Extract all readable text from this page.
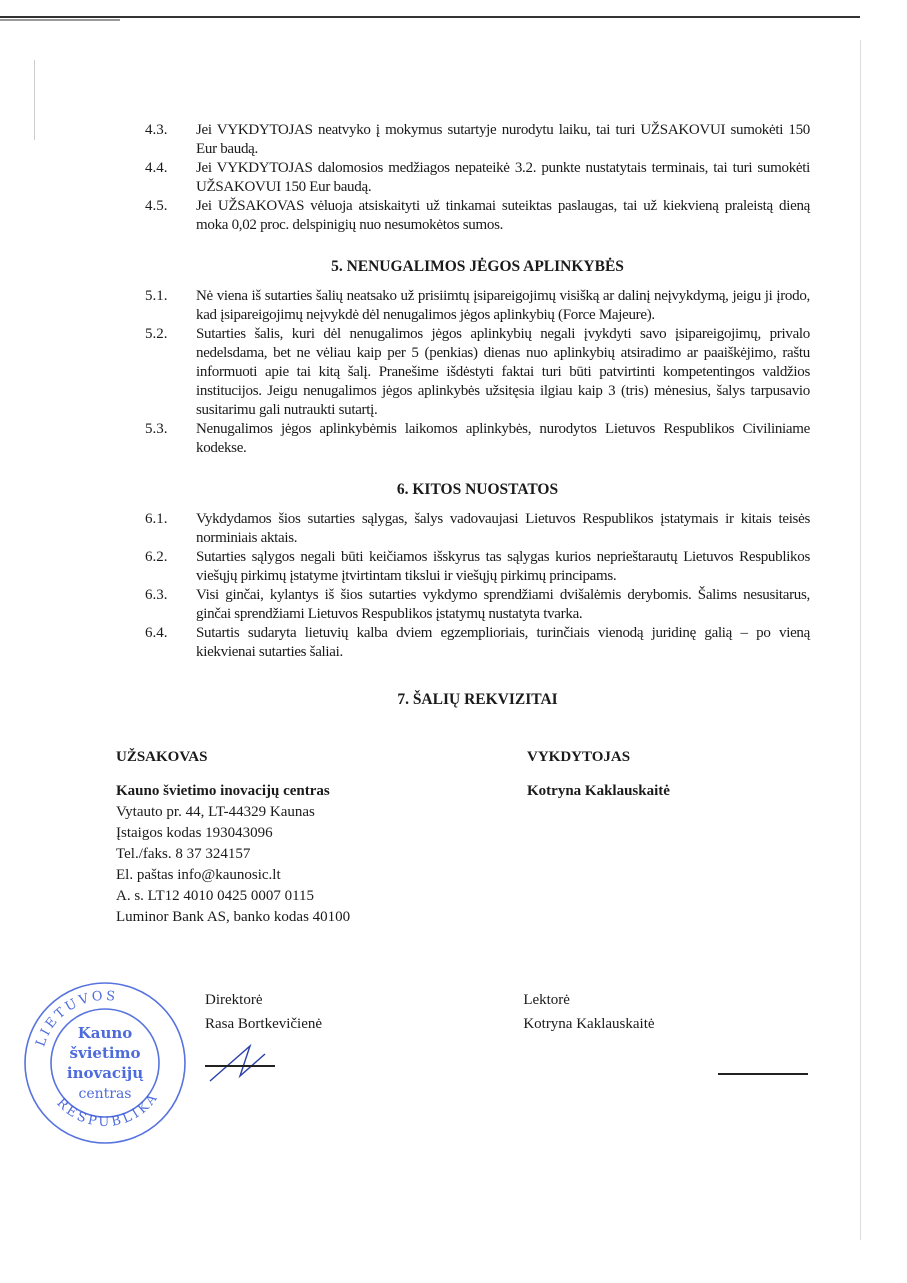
4.3. Jei VYKDYTOJAS neatvyko į mokymus sutartyje nurodytu laiku, tai turi UŽSAKOVUI sumokėti 150 Eur baudą.
4.4. Jei VYKDYTOJAS dalomosios medžiagos nepateikė 3.2. punkte nustatytais terminais, tai turi sumokėti UŽSAKOVUI 150 Eur baudą.
4.5. Jei UŽSAKOVAS vėluoja atsiskaityti už tinkamai suteiktas paslaugas, tai už kiekvieną praleistą dieną moka 0,02 proc. delspinigių nuo nesumokėtos sumos.
5. NENUGALIMOS JĖGOS APLINKYBĖS
5.1. Nė viena iš sutarties šalių neatsako už prisiimtų įsipareigojimų visišką ar dalinį neįvykdymą, jeigu ji įrodo, kad įsipareigojimų neįvykdė dėl nenugalimos jėgos aplinkybių (Force Majeure).
5.2. Sutarties šalis, kuri dėl nenugalimos jėgos aplinkybių negali įvykdyti savo įsipareigojimų, privalo nedelsdama, bet ne vėliau kaip per 5 (penkias) dienas nuo aplinkybių atsiradimo ar paaiškėjimo, raštu informuoti apie tai kitą šalį. Pranešime išdėstyti faktai turi būti patvirtinti kompetentingos valdžios institucijos. Jeigu nenugalimos jėgos aplinkybės užsitęsia ilgiau kaip 3 (tris) mėnesius, šalys tarpusavio susitarimu gali nutraukti sutartį.
5.3. Nenugalimos jėgos aplinkybėmis laikomos aplinkybės, nurodytos Lietuvos Respublikos Civiliniame kodekse.
6. KITOS NUOSTATOS
6.1. Vykdydamos šios sutarties sąlygas, šalys vadovaujasi Lietuvos Respublikos įstatymais ir kitais teisės norminiais aktais.
6.2. Sutarties sąlygos negali būti keičiamos išskyrus tas sąlygas kurios neprieštarautų Lietuvos Respublikos viešųjų pirkimų įstatyme įtvirtintam tikslui ir viešųjų pirkimų principams.
6.3. Visi ginčai, kylantys iš šios sutarties vykdymo sprendžiami dvišalėmis derybomis. Šalims nesusitarus, ginčai sprendžiami Lietuvos Respublikos įstatymų nustatyta tvarka.
6.4. Sutartis sudaryta lietuvių kalba dviem egzemplioriais, turinčiais vienodą juridinę galią – po vieną kiekvienai sutarties šaliai.
7. ŠALIŲ REKVIZITAI
UŽSAKOVAS
Kauno švietimo inovacijų centras
Vytauto pr. 44, LT-44329 Kaunas
Įstaigos kodas 193043096
Tel./faks. 8 37 324157
El. paštas info@kaunosic.lt
A. s. LT12 4010 0425 0007 0115
Luminor Bank AS, banko kodas 40100
VYKDYTOJAS
Kotryna Kaklauskaitė
LIETUVOS
RESPUBLIKA
Kauno
švietimo
inovacijų
centras
Direktorė
Rasa Bortkevičienė
Lektorė
Kotryna Kaklauskaitė
